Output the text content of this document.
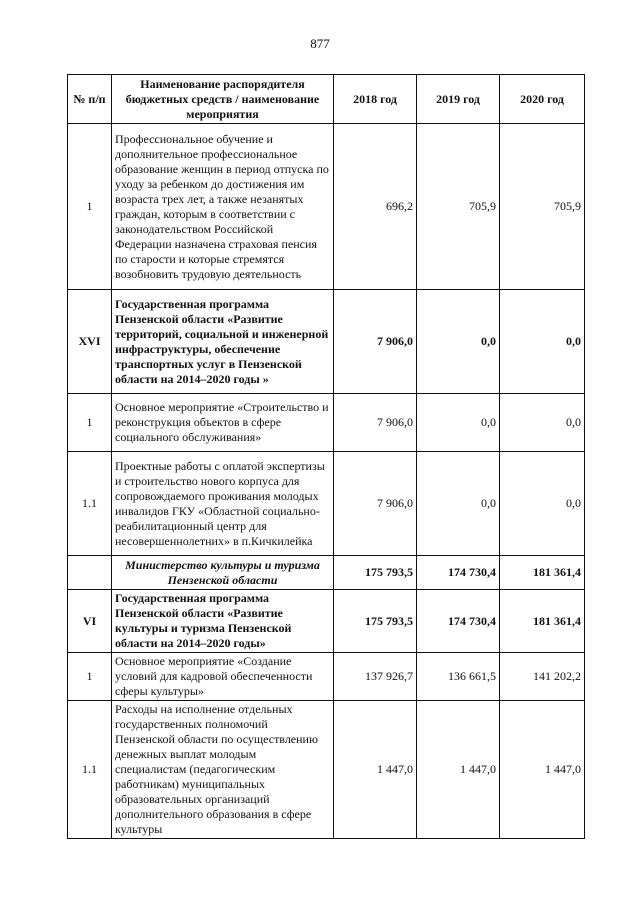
877
№ п/п	Наименование распорядителя бюджетных средств / наименование мероприятия	2018 год	2019 год	2020 год
1	Профессиональное обучение и дополнительное профессиональное образование женщин в период отпуска по уходу за ребенком до достижения им возраста трех лет, а также незанятых граждан, которым в соответствии с законодательством Российской Федерации назначена страховая пенсия по старости и которые стремятся возобновить трудовую деятельность	696,2	705,9	705,9
XVI	Государственная программа Пензенской области «Развитие территорий, социальной и инженерной инфраструктуры, обеспечение транспортных услуг в Пензенской области на 2014–2020 годы »	7 906,0	0,0	0,0
1	Основное мероприятие «Строительство и реконструкция объектов в сфере социального обслуживания»	7 906,0	0,0	0,0
1.1	Проектные работы с оплатой экспертизы и строительство нового корпуса для сопровождаемого проживания молодых инвалидов ГКУ «Областной социально-реабилитационный центр для несовершеннолетних» в п.Кичкилейка	7 906,0	0,0	0,0
	Министерство культуры и туризма Пензенской области	175 793,5	174 730,4	181 361,4
VI	Государственная программа Пензенской области «Развитие культуры и туризма Пензенской области на 2014–2020 годы»	175 793,5	174 730,4	181 361,4
1	Основное мероприятие «Создание условий для кадровой обеспеченности сферы культуры»	137 926,7	136 661,5	141 202,2
1.1	Расходы на исполнение отдельных государственных полномочий Пензенской области по осуществлению денежных выплат молодым специалистам (педагогическим работникам) муниципальных образовательных организаций дополнительного образования в сфере культуры	1 447,0	1 447,0	1 447,0
